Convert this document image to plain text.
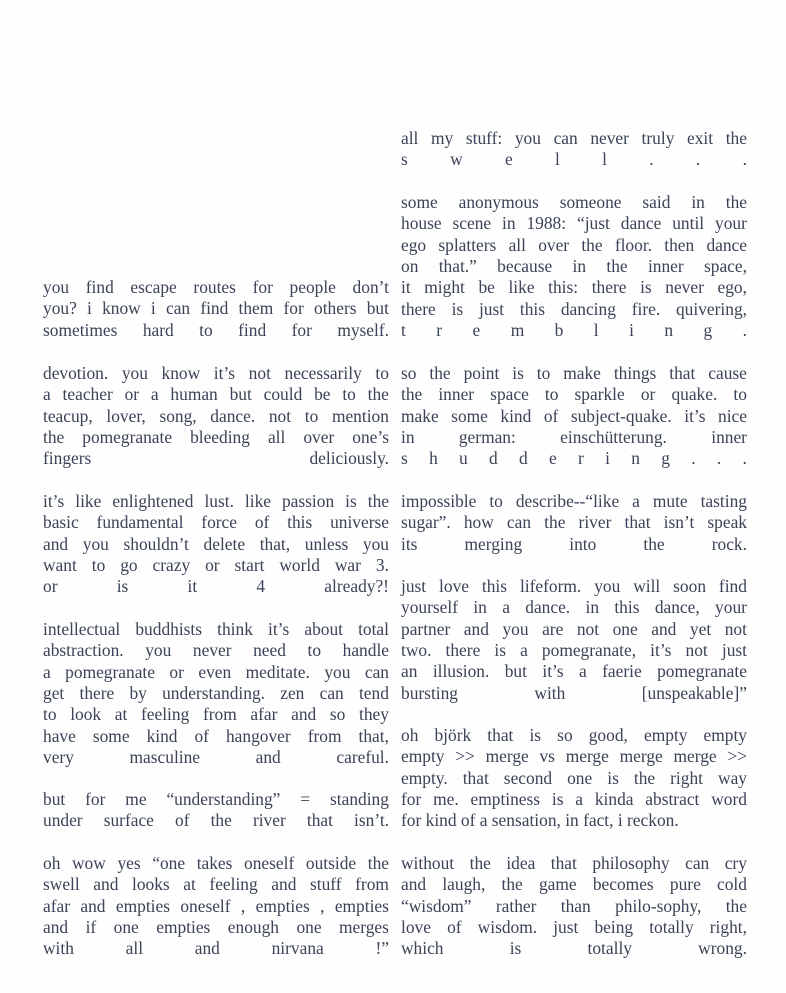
you find escape routes for people don’t
you? i know i can find them for others but
sometimes hard to find for myself.
devotion. you know it’s not necessarily to
a teacher or a human but could be to the
teacup, lover, song, dance. not to mention
the pomegranate bleeding all over one’s
fingers	deliciously.
it’s like enlightened lust. like passion is the
basic fundamental force of this universe
and you shouldn’t delete that, unless you
want to go crazy or start world war 3.
or	is	it	4	already?!
intellectual buddhists think it’s about total
abstraction. you never need to handle
a pomegranate or even meditate. you can
get there by understanding. zen can tend
to look at feeling from afar and so they
have some kind of hangover from that,
very	masculine	and	careful.
but for me “understanding” = standing
under surface of the river that isn’t.
oh wow yes “one takes oneself outside the
swell and looks at feeling and stuff from
afar and empties oneself , empties , empties
and if one empties enough one merges
with	all	and	nirvana	!”
all my stuff: you can never truly exit the
s w e l l . . .
some anonymous someone said in the
house scene in 1988: “just dance until your
ego splatters all over the floor. then dance
on that.” because in the inner space,
it might be like this: there is never ego,
there is just this dancing fire. quivering,
t r e m b l i n g .
so the point is to make things that cause
the inner space to sparkle or quake. to
make some kind of subject-quake. it’s nice
in	german:	einschütterung.	inner
s h u d d e r i n g . . .
impossible to describe--“like a mute tasting
sugar”. how can the river that isn’t speak
its	merging	into	the	rock.
just love this lifeform. you will soon find
yourself in a dance. in this dance, your
partner and you are not one and yet not
two. there is a pomegranate, it’s not just
an illusion. but it’s a faerie pomegranate
bursting	with	[unspeakable]”
oh björk that is so good, empty empty
empty >> merge vs merge merge merge >>
empty. that second one is the right way
for me. emptiness is a kinda abstract word
for kind of a sensation, in fact, i reckon.
without the idea that philosophy can cry
and laugh, the game becomes pure cold
“wisdom” rather than philo-sophy, the
love of wisdom. just being totally right,
which	is	totally	wrong.
